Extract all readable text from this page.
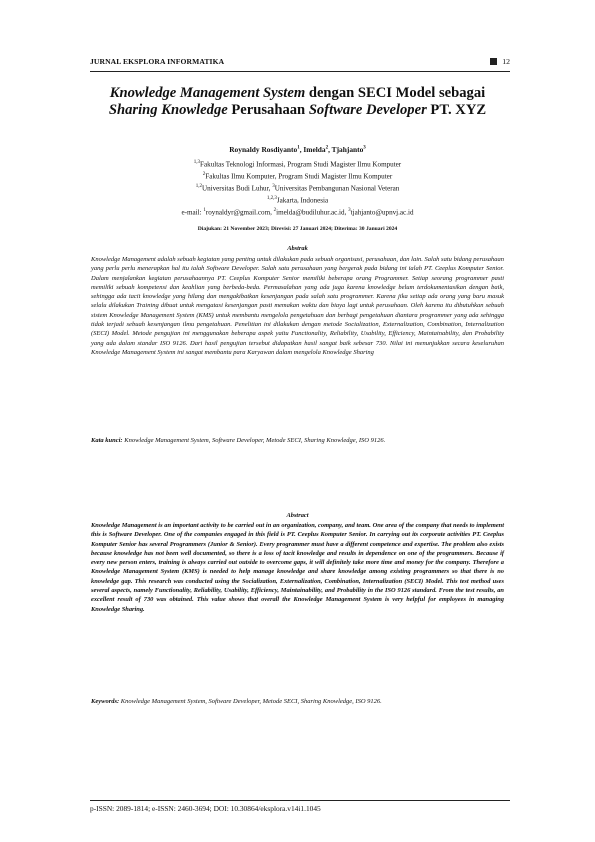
JURNAL EKSPLORA INFORMATIKA	12
Knowledge Management System dengan SECI Model sebagai
Sharing Knowledge Perusahaan Software Developer PT. XYZ
Roynaldy Rosdiyanto$^1$, Imelda$^2$, Tjahjanto$^3$
$^{1,3}$Fakultas Teknologi Informasi, Program Studi Magister Ilmu Komputer
$^2$Fakultas Ilmu Komputer, Program Studi Magister Ilmu Komputer
$^{1,2}$Universitas Budi Luhur, $^3$Universitas Pembangunan Nasional Veteran
$^{1,2,3}$Jakarta, Indonesia
e-mail: $^1$roynaldyr@gmail.com, $^2$imelda@budiluhur.ac.id, $^3$tjahjanto@upnvj.ac.id
Diajukan: 21 November 2023; Direvisi: 27 Januari 2024; Diterima: 30 Januari 2024
Abstrak
Knowledge Management adalah sebuah kegiatan yang penting untuk dilakukan pada sebuah organisasi, perusahaan, dan lain. Salah satu bidang perusahaan yang perlu perlu menerapkan hal itu ialah Software Developer. Salah satu perusahaan yang bergerak pada bidang ini ialah PT. Ceeplus Komputer Senior. Dalam menjalankan kegiatan perusahaannya PT. Ceeplus Komputer Senior memiliki beberapa orang Programmer. Setiap seorang programmer pasti memiliki sebuah kompetensi dan keahlian yang berbeda-beda. Permasalahan yang ada juga karena knowledge belum terdokumentasikan dengan baik, sehingga ada tacit knowledge yang hilang dan mengakibatkan kesenjangan pada salah satu programmer. Karena jika setiap ada orang yang baru masuk selalu dilakukan Training dibuat untuk mengatasi kesenjangan pasti memakan waktu dan biaya lagi untuk perusahaan. Oleh karena itu dibutuhkan sebuah sistem Knowledge Management System (KMS) untuk membantu mengelola pengetahuan dan berbagi pengetahuan diantara programmer yang ada sehingga tidak terjadi sebuah kesenjangan ilmu pengetahuan. Penelitian ini dilakukan dengan metode Socialization, Externalization, Combination, Internalization (SECI) Model. Metode pengujian ini menggunakan beberapa aspek yaitu Functionality, Reliability, Usability, Efficiency, Maintainability, dan Probability yang ada dalam standar ISO 9126. Dari hasil pengujian tersebut didapatkan hasil sangat baik sebesar 730. Nilai ini menunjukkan secara keseluruhan Knowledge Management System ini sangat membantu para Karyawan dalam mengelola Knowledge Sharing
Kata kunci: Knowledge Management System, Software Developer, Metode SECI, Sharing Knowledge, ISO 9126.
Abstract
Knowledge Management is an important activity to be carried out in an organization, company, and team. One area of the company that needs to implement this is Software Developer. One of the companies engaged in this field is PT. Ceeplus Komputer Senior. In carrying out its corporate activities PT. Ceeplus Komputer Senior has several Programmers (Junior & Senior). Every programmer must have a different competence and expertise. The problem also exists because knowledge has not been well documented, so there is a loss of tacit knowledge and results in dependence on one of the programmers. Because if every new person enters, training is always carried out outside to overcome gaps, it will definitely take more time and money for the company. Therefore a Knowledge Management System (KMS) is needed to help manage knowledge and share knowledge among existing programmers so that there is no knowledge gap. This research was conducted using the Socialization, Externalization, Combination, Internalization (SECI) Model. This test method uses several aspects, namely Functionality, Reliability, Usability, Efficiency, Maintainability, and Probability in the ISO 9126 standard. From the test results, an excellent result of 730 was obtained. This value shows that overall the Knowledge Management System is very helpful for employees in managing Knowledge Sharing.
Keywords: Knowledge Management System, Software Developer, Metode SECI, Sharing Knowledge, ISO 9126.
p-ISSN: 2089-1814; e-ISSN: 2460-3694; DOI: 10.30864/eksplora.v14i1.1045
